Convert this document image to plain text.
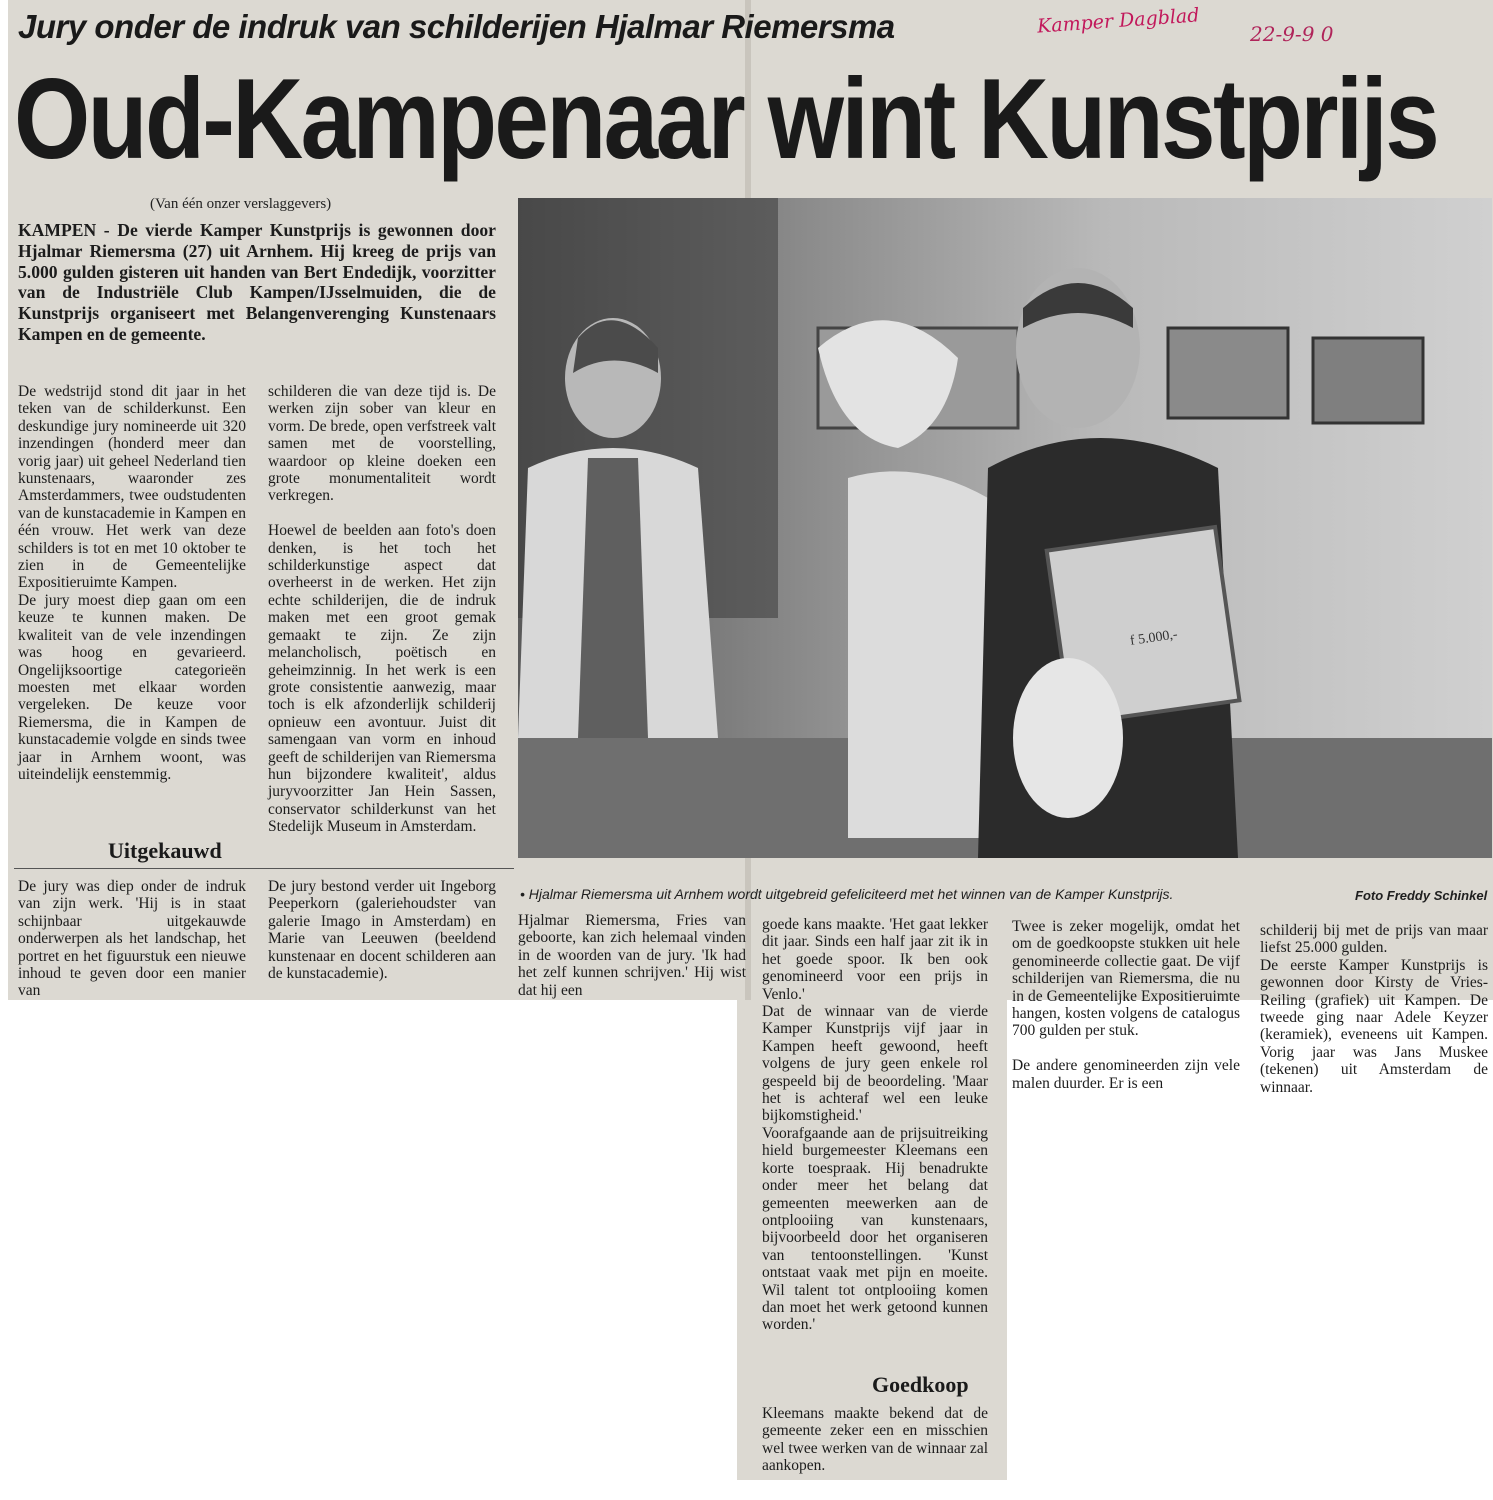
Kamper Dagblad 22-9-9 0
Jury onder de indruk van schilderijen Hjalmar Riemersma
Oud-Kampenaar wint Kunstprijs
(Van één onzer verslaggevers)
KAMPEN - De vierde Kamper Kunstprijs is gewonnen door Hjalmar Riemersma (27) uit Arnhem. Hij kreeg de prijs van 5.000 gulden gisteren uit handen van Bert Endedijk, voorzitter van de Industriële Club Kampen/IJsselmuiden, die de Kunstprijs organiseert met Belangenverenging Kunstenaars Kampen en de gemeente.
De wedstrijd stond dit jaar in het teken van de schilderkunst. Een deskundige jury nomineerde uit 320 inzendingen (honderd meer dan vorig jaar) uit geheel Nederland tien kunstenaars, waaronder zes Amsterdammers, twee oudstudenten van de kunstacademie in Kampen en één vrouw. Het werk van deze schilders is tot en met 10 oktober te zien in de Gemeentelijke Expositieruimte Kampen.
De jury moest diep gaan om een keuze te kunnen maken. De kwaliteit van de vele inzendingen was hoog en gevarieerd. Ongelijksoortige categorieën moesten met elkaar worden vergeleken. De keuze voor Riemersma, die in Kampen de kunstacademie volgde en sinds twee jaar in Arnhem woont, was uiteindelijk eenstemmig.
schilderen die van deze tijd is. De werken zijn sober van kleur en vorm. De brede, open verfstreek valt samen met de voorstelling, waardoor op kleine doeken een grote monumentaliteit wordt verkregen.

Hoewel de beelden aan foto's doen denken, is het toch het schilderkunstige aspect dat overheerst in de werken. Het zijn echte schilderijen, die de indruk maken met een groot gemak gemaakt te zijn. Ze zijn melancholisch, poëtisch en geheimzinnig. In het werk is een grote consistentie aanwezig, maar toch is elk afzonderlijk schilderij opnieuw een avontuur. Juist dit samengaan van vorm en inhoud geeft de schilderijen van Riemersma hun bijzondere kwaliteit', aldus juryvoorzitter Jan Hein Sassen, conservator schilderkunst van het Stedelijk Museum in Amsterdam.
Uitgekauwd
f 5.000,-
• Hjalmar Riemersma uit Arnhem wordt uitgebreid gefeliciteerd met het winnen van de Kamper Kunstprijs.	Foto Freddy Schinkel
De jury was diep onder de indruk van zijn werk. 'Hij is in staat schijnbaar uitgekauwde onderwerpen als het landschap, het portret en het figuurstuk een nieuwe inhoud te geven door een manier van
De jury bestond verder uit Ingeborg Peeperkorn (galeriehoudster van galerie Imago in Amsterdam) en Marie van Leeuwen (beeldend kunstenaar en docent schilderen aan de kunstacademie).
Hjalmar Riemersma, Fries van geboorte, kan zich helemaal vinden in de woorden van de jury. 'Ik had het zelf kunnen schrijven.' Hij wist dat hij een
goede kans maakte. 'Het gaat lekker dit jaar. Sinds een half jaar zit ik in het goede spoor. Ik ben ook genomineerd voor een prijs in Venlo.'
Dat de winnaar van de vierde Kamper Kunstprijs vijf jaar in Kampen heeft gewoond, heeft volgens de jury geen enkele rol gespeeld bij de beoordeling. 'Maar het is achteraf wel een leuke bijkomstigheid.'
Voorafgaande aan de prijsuitreiking hield burgemeester Kleemans een korte toespraak. Hij benadrukte onder meer het belang dat gemeenten meewerken aan de ontplooiing van kunstenaars, bijvoorbeeld door het organiseren van tentoonstellingen. 'Kunst ontstaat vaak met pijn en moeite. Wil talent tot ontplooiing komen dan moet het werk getoond kunnen worden.'
Goedkoop
Kleemans maakte bekend dat de gemeente zeker een en misschien wel twee werken van de winnaar zal aankopen.
Twee is zeker mogelijk, omdat het om de goedkoopste stukken uit hele genomineerde collectie gaat. De vijf schilderijen van Riemersma, die nu in de Gemeentelijke Expositieruimte hangen, kosten volgens de catalogus 700 gulden per stuk.

De andere genomineerden zijn vele malen duurder. Er is een
schilderij bij met de prijs van maar liefst 25.000 gulden.
De eerste Kamper Kunstprijs is gewonnen door Kirsty de Vries-Reiling (grafiek) uit Kampen. De tweede ging naar Adele Keyzer (keramiek), eveneens uit Kampen. Vorig jaar was Jans Muskee (tekenen) uit Amsterdam de winnaar.
